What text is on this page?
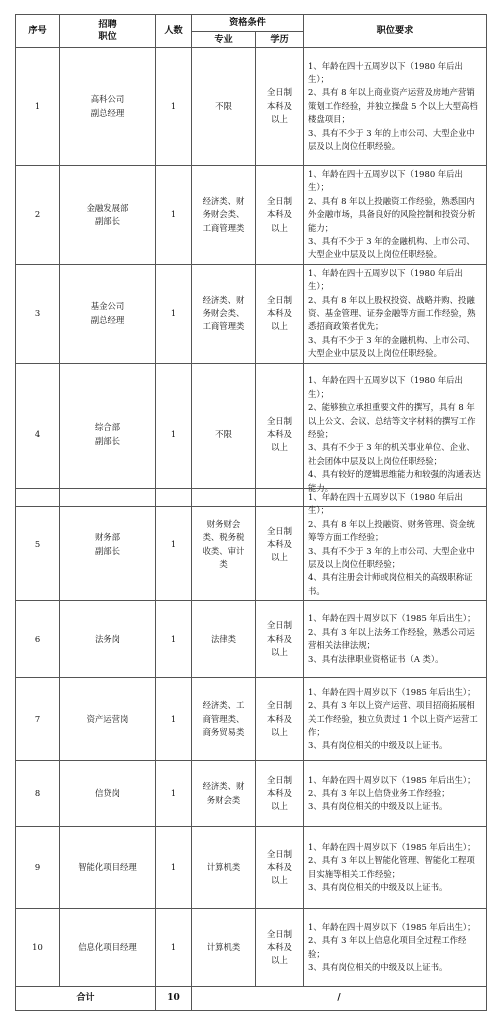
序号	招聘
职位	人数	资格条件		职位要求
			专业	学历	
1	高科公司
副总经理	1	不限	全日制
本科及
以上	1、年龄在四十五周岁以下（1980 年后出生）；
2、具有 8 年以上商业资产运营及房地产营销策划工作经验，并独立操盘 5 个以上大型高档楼盘项目；
3、具有不少于 3 年的上市公司、大型企业中层及以上岗位任职经验。

2	金融发展部
副部长	1	经济类、财
务财会类、
工商管理类	全日制
本科及
以上	1、年龄在四十五周岁以下（1980 年后出生）；
2、具有 8 年以上投融资工作经验，熟悉国内外金融市场，具备良好的风险控制和投资分析能力；
3、具有不少于 3 年的金融机构、上市公司、大型企业中层及以上岗位任职经验。

3	基金公司
副总经理	1	经济类、财
务财会类、
工商管理类	全日制
本科及
以上	1、年龄在四十五周岁以下（1980 年后出生）；
2、具有 8 年以上股权投资、战略并购、投融资、基金管理、证券金融等方面工作经验，熟悉招商政策者优先；
3、具有不少于 3 年的金融机构、上市公司、大型企业中层及以上岗位任职经验。

4	综合部
副部长	1	不限	全日制
本科及
以上	1、年龄在四十五周岁以下（1980 年后出生）；
2、能够独立承担重要文件的撰写，具有 8 年以上公文、会议、总结等文字材料的撰写工作经验；
3、具有不少于 3 年的机关事业单位、企业、社会团体中层及以上岗位任职经验；
4、具有较好的逻辑思维能力和较强的沟通表达能力。
5	财务部
副部长	1	财务财会
类、税务税
收类、审计
类	全日制
本科及
以上	1、年龄在四十五周岁以下（1980 年后出生）；
2、具有 8 年以上投融资、财务管理、资金统筹等方面工作经验；
3、具有不少于 3 年的上市公司、大型企业中层及以上岗位任职经验；
4、具有注册会计师或岗位相关的高级职称证书。

6	法务岗	1	法律类	全日制
本科及
以上	1、年龄在四十周岁以下（1985 年后出生）；
2、具有 3 年以上法务工作经验，熟悉公司运营相关法律法规；
3、具有法律职业资格证书（A 类）。

7	资产运营岗	1	经济类、工
商管理类、
商务贸易类	全日制
本科及
以上	1、年龄在四十周岁以下（1985 年后出生）；
2、具有 3 年以上资产运营、项目招商拓展相关工作经验，独立负责过 1 个以上资产运营工作；
3、具有岗位相关的中级及以上证书。

8	信贷岗	1	经济类、财
务财会类	全日制
本科及
以上	1、年龄在四十周岁以下（1985 年后出生）；
2、具有 3 年以上信贷业务工作经验；
3、具有岗位相关的中级及以上证书。

9	智能化项目经理	1	计算机类	全日制
本科及
以上	1、年龄在四十周岁以下（1985 年后出生）；
2、具有 3 年以上智能化管理、智能化工程项目实施等相关工作经验；
3、具有岗位相关的中级及以上证书。

10	信息化项目经理	1	计算机类	全日制
本科及
以上	1、年龄在四十周岁以下（1985 年后出生）；
2、具有 3 年以上信息化项目全过程工作经验；
3、具有岗位相关的中级及以上证书。

合计		10	/		
